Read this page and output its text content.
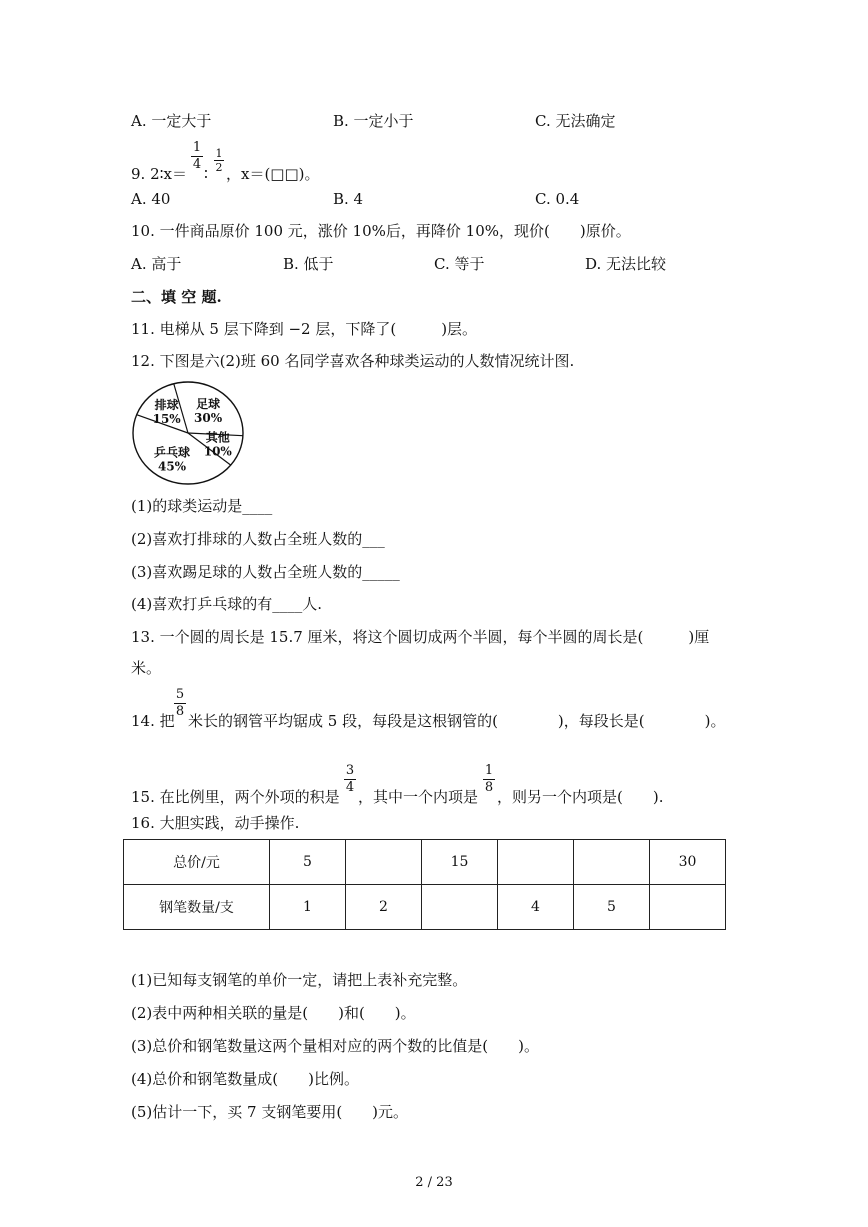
A. 一定大于	B. 一定小于	C. 无法确定
9. 2∶x＝
1
4
∶
1
2 ，x＝(□□)。
A. 40	B. 4	C. 0.4
10. 一件商品原价 100 元，涨价 10%后，再降价 10%，现价(　　)原价。
A. 高于	B. 低于	C. 等于	D. 无法比较
二、填 空 题.
11. 电梯从 5 层下降到 −2 层，下降了(　　　)层。
12. 下图是六(2)班 60 名同学喜欢各种球类运动的人数情况统计图.
足球
30%
其他
10%
乒乓球
45%
排球
15%
(1)的球类运动是____
(2)喜欢打排球的人数占全班人数的___
(3)喜欢踢足球的人数占全班人数的_____
(4)喜欢打乒乓球的有____人.
13. 一个圆的周长是 15.7 厘米，将这个圆切成两个半圆，每个半圆的周长是(　　　)厘
米。
14. 把
5
8
米长的钢管平均锯成 5 段，每段是这根钢管的(　　　　)，每段长是(　　　　)。
15. 在比例里，两个外项的积是
3
4
，其中一个内项是
1
8
，则另一个内项是(　　).
16. 大胆实践，动手操作.
总价/元	5		15			30
钢笔数量/支	1	2		4	5	
(1)已知每支钢笔的单价一定，请把上表补充完整。
(2)表中两种相关联的量是(　　)和(　　)。
(3)总价和钢笔数量这两个量相对应的两个数的比值是(　　)。
(4)总价和钢笔数量成(　　)比例。
(5)估计一下，买 7 支钢笔要用(　　)元。
2 / 23
